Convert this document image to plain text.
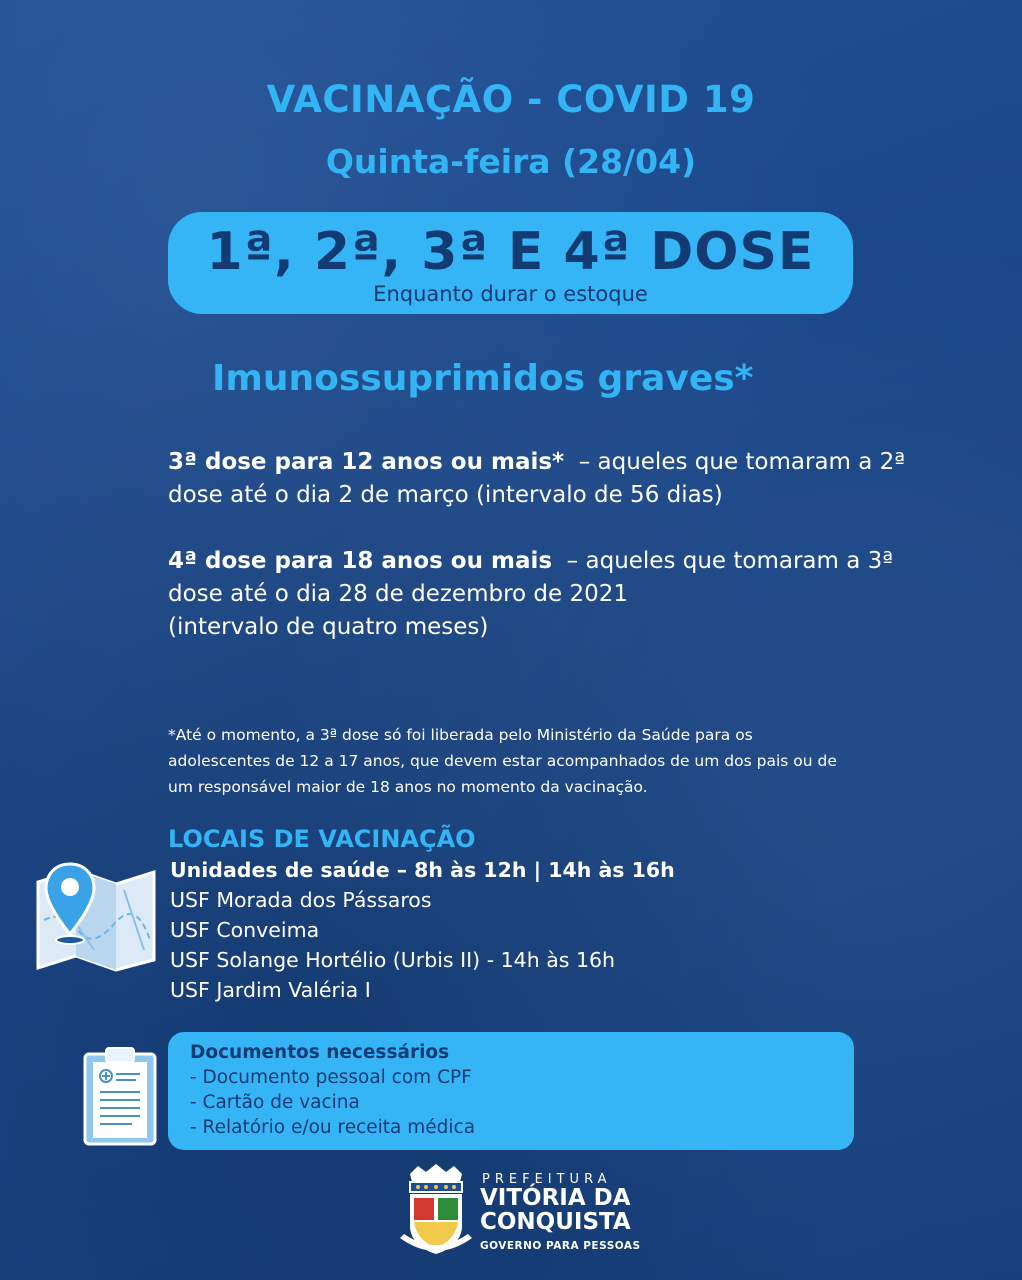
VACINAÇÃO - COVID 19
Quinta-feira (28/04)
1ª, 2ª, 3ª E 4ª DOSE
Enquanto durar o estoque
Imunossuprimidos graves*
3ª dose para 12 anos ou mais*  – aqueles que tomaram a 2ª
dose até o dia 2 de março (intervalo de 56 dias)
4ª dose para 18 anos ou mais  – aqueles que tomaram a 3ª
dose até o dia 28 de dezembro de 2021
(intervalo de quatro meses)
*Até o momento, a 3ª dose só foi liberada pelo Ministério da Saúde para os
adolescentes de 12 a 17 anos, que devem estar acompanhados de um dos pais ou de
um responsável maior de 18 anos no momento da vacinação.
LOCAIS DE VACINAÇÃO
Unidades de saúde – 8h às 12h | 14h às 16h
USF Morada dos Pássaros
USF Conveima
USF Solange Hortélio (Urbis II) - 14h às 16h
USF Jardim Valéria I
Documentos necessários
- Documento pessoal com CPF
- Cartão de vacina
- Relatório e/ou receita médica
PREFEITURA
VITÓRIA DA
CONQUISTA
GOVERNO PARA PESSOAS
